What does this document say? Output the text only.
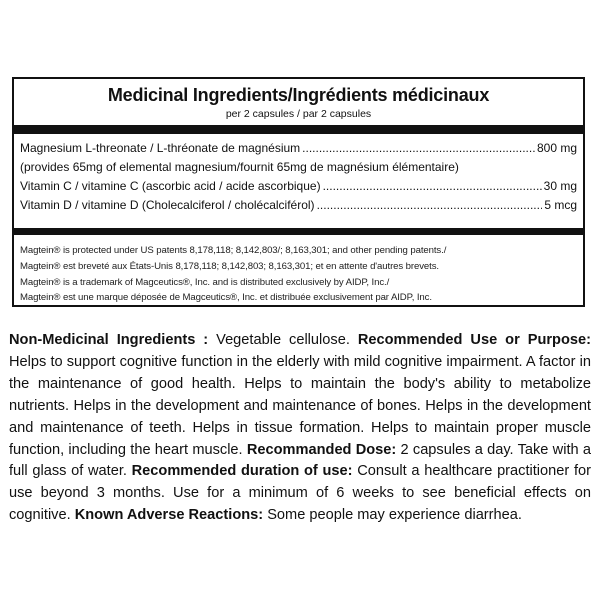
Medicinal Ingredients/Ingrédients médicinaux
per 2 capsules / par 2 capsules
Magnesium L-threonate / L-thréonate de magnésium .....	800 mg
(provides 65mg of elemental magnesium/fournit 65mg de magnésium élémentaire)
Vitamin C / vitamine C (ascorbic acid / acide ascorbique) .....	30 mg
Vitamin D / vitamine D (Cholecalciferol / cholécalciférol) .....	5 mcg
Magtein® is protected under US patents 8,178,118; 8,142,803/; 8,163,301; and other pending patents./
Magtein® est breveté aux États-Unis 8,178,118; 8,142,803; 8,163,301; et en attente d'autres brevets.
Magtein® is a trademark of Magceutics®, Inc. and is distributed exclusively by AIDP, Inc./
Magtein® est une marque déposée de Magceutics®, Inc. et distribuée exclusivement par AIDP, Inc.
Non-Medicinal Ingredients : Vegetable cellulose. Recommended Use or Purpose: Helps to support cognitive function in the elderly with mild cognitive impairment. A factor in the maintenance of good health. Helps to maintain the body's ability to metabolize nutrients. Helps in the development and maintenance of bones. Helps in the development and maintenance of teeth. Helps in tissue formation. Helps to maintain proper muscle function, including the heart muscle. Recommanded Dose: 2 capsules a day. Take with a full glass of water. Recommended duration of use: Consult a healthcare practitioner for use beyond 3 months. Use for a minimum of 6 weeks to see beneficial effects on cognitive. Known Adverse Reactions: Some people may experience diarrhea.
